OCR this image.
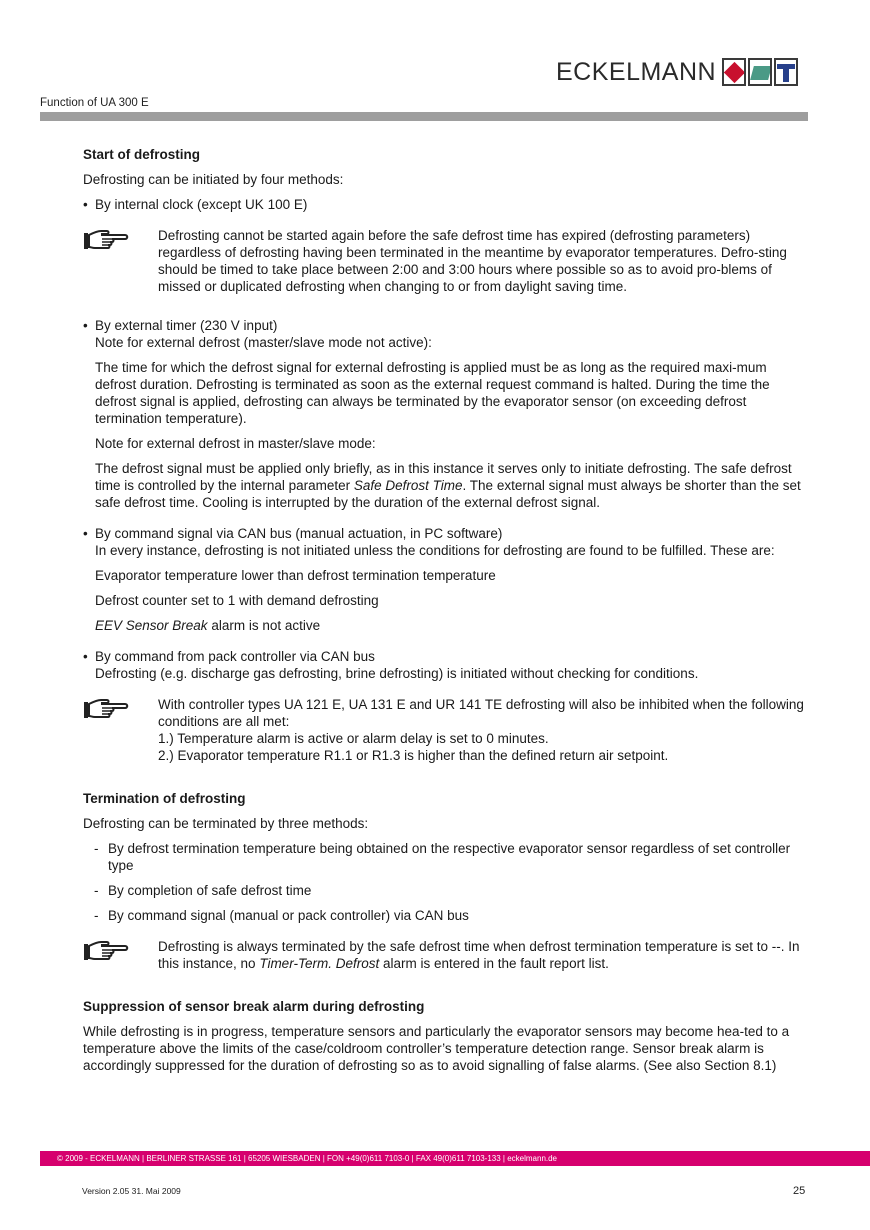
ECKELMANN
Function of UA 300 E
Start of defrosting
Defrosting can be initiated by four methods:
• By internal clock (except UK 100 E)
Defrosting cannot be started again before the safe defrost time has expired (defrosting parameters) regardless of defrosting having been terminated in the meantime by evaporator temperatures. Defro-sting should be timed to take place between 2:00 and 3:00 hours where possible so as to avoid pro-blems of missed or duplicated defrosting when changing to or from daylight saving time.
• By external timer (230 V input)
Note for external defrost (master/slave mode not active):
The time for which the defrost signal for external defrosting is applied must be as long as the required maxi-mum defrost duration. Defrosting is terminated as soon as the external request command is halted. During the time the defrost signal is applied, defrosting can always be terminated by the evaporator sensor (on exceeding defrost termination temperature).
Note for external defrost in master/slave mode:
The defrost signal must be applied only briefly, as in this instance it serves only to initiate defrosting. The safe defrost time is controlled by the internal parameter Safe Defrost Time. The external signal must always be shorter than the set safe defrost time. Cooling is interrupted by the duration of the external defrost signal.
• By command signal via CAN bus (manual actuation, in PC software)
In every instance, defrosting is not initiated unless the conditions for defrosting are found to be fulfilled. These are:
Evaporator temperature lower than defrost termination temperature
Defrost counter set to 1 with demand defrosting
EEV Sensor Break alarm is not active
• By command from pack controller via CAN bus
Defrosting (e.g. discharge gas defrosting, brine defrosting) is initiated without checking for conditions.
With controller types UA 121 E, UA 131 E and UR 141 TE defrosting will also be inhibited when the following conditions are all met:
1.) Temperature alarm is active or alarm delay is set to 0 minutes.
2.) Evaporator temperature R1.1 or R1.3 is higher than the defined return air setpoint.
Termination of defrosting
Defrosting can be terminated by three methods:
- By defrost termination temperature being obtained on the respective evaporator sensor regardless of set controller type
- By completion of safe defrost time
- By command signal (manual or pack controller) via CAN bus
Defrosting is always terminated by the safe defrost time when defrost termination temperature is set to --. In this instance, no Timer-Term. Defrost alarm is entered in the fault report list.
Suppression of sensor break alarm during defrosting
While defrosting is in progress, temperature sensors and particularly the evaporator sensors may become hea-ted to a temperature above the limits of the case/coldroom controller’s temperature detection range. Sensor break alarm is accordingly suppressed for the duration of defrosting so as to avoid signalling of false alarms. (See also Section 8.1)
© 2009 - ECKELMANN | BERLINER STRASSE 161 | 65205 WIESBADEN | FON +49(0)611 7103-0 | FAX 49(0)611 7103-133 | eckelmann.de
Version 2.05 31. Mai 2009	25
